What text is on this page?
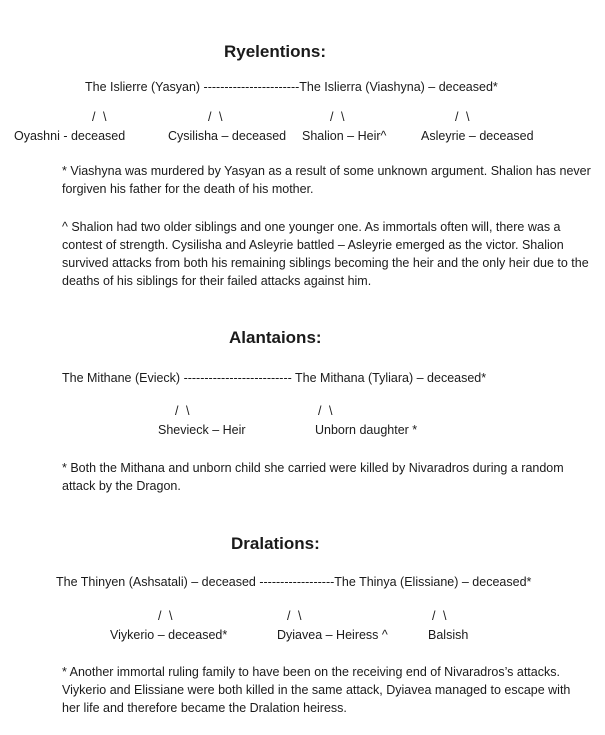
Ryelentions:
The Islierre (Yasyan) -----------------------The Islierra (Viashyna) – deceased*
/ \	/ \	/ \	/ \
Oyashni - deceased	Cysilisha – deceased Shalion – Heir^	Asleyrie – deceased
* Viashyna was murdered by Yasyan as a result of some unknown argument. Shalion has never forgiven his father for the death of his mother.
^ Shalion had two older siblings and one younger one. As immortals often will, there was a contest of strength. Cysilisha and Asleyrie battled – Asleyrie emerged as the victor. Shalion survived attacks from both his remaining siblings becoming the heir and the only heir due to the deaths of his siblings for their failed attacks against him.
Alantaions:
The Mithane (Evieck) -------------------------- The Mithana (Tyliara) – deceased*
/ \	/ \
Shevieck – Heir	Unborn daughter *
* Both the Mithana and unborn child she carried were killed by Nivaradros during a random attack by the Dragon.
Dralations:
The Thinyen (Ashsatali) – deceased ------------------The Thinya (Elissiane) – deceased*
/ \	/ \	/ \
Viykerio – deceased*	Dyiavea – Heiress ^	Balsish
* Another immortal ruling family to have been on the receiving end of Nivaradros’s attacks. Viykerio and Elissiane were both killed in the same attack, Dyiavea managed to escape with her life and therefore became the Dralation heiress.
